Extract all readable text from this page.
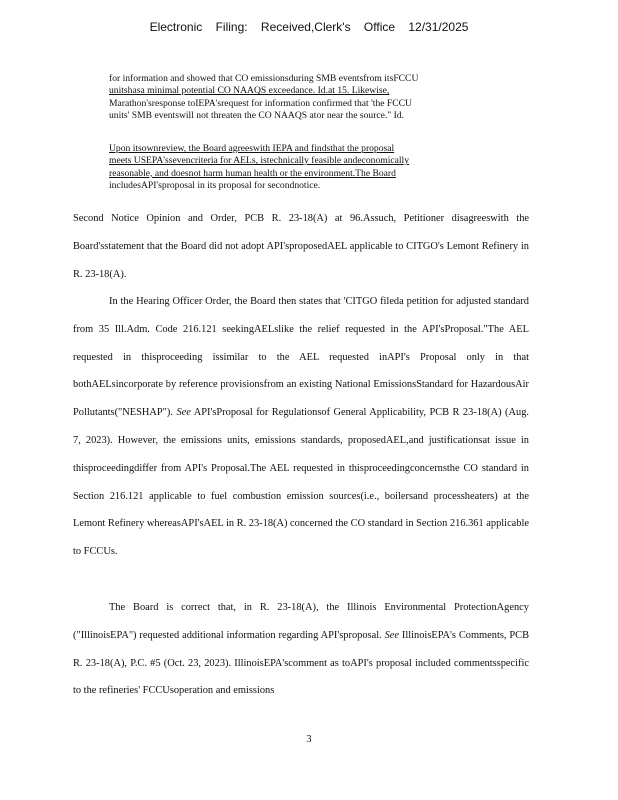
Electronic Filing: Received,Clerk's Office 12/31/2025
for information and showed that CO emissionsduring SMB eventsfrom itsFCCU
unitshasa minimal potential CO NAAQS exceedance. Id.at 15. Likewise,
Marathon'sresponse toIEPA'srequest for information confirmed that 'the FCCU
units' SMB eventswill not threaten the CO NAAQS ator near the source." Id.
Upon itsownreview, the Board agreeswith IEPA and findsthat the proposal
meets USEPA'ssevencriteria for AELs, istechnically feasible andeconomically
reasonable, and doesnot harm human health or the environment.The Board
includesAPI'sproposal in its proposal for secondnotice.
Second Notice Opinion and Order, PCB R. 23-18(A) at 96.Assuch, Petitioner disagreeswith the Board'sstatement that the Board did not adopt API'sproposedAEL applicable to CITGO's Lemont Refinery in R. 23-18(A).
In the Hearing Officer Order, the Board then states that 'CITGO fileda petition for adjusted standard from 35 Ill.Adm. Code 216.121 seekingAELslike the relief requested in the API'sProposal."The AEL requested in thisproceeding issimilar to the AEL requested inAPI's Proposal only in that bothAELsincorporate by reference provisionsfrom an existing National EmissionsStandard for HazardousAir Pollutants("NESHAP"). See API'sProposal for Regulationsof General Applicability, PCB R 23-18(A) (Aug. 7, 2023). However, the emissions units, emissions standards, proposedAEL,and justificationsat issue in thisproceedingdiffer from API's Proposal.The AEL requested in thisproceedingconcernsthe CO standard in Section 216.121 applicable to fuel combustion emission sources(i.e., boilersand processheaters) at the Lemont Refinery whereasAPI'sAEL in R. 23-18(A) concerned the CO standard in Section 216.361 applicable to FCCUs.
The Board is correct that, in R. 23-18(A), the Illinois Environmental ProtectionAgency ("IllinoisEPA") requested additional information regarding API'sproposal. See IllinoisEPA's Comments, PCB R. 23-18(A), P.C. #5 (Oct. 23, 2023). IllinoisEPA'scomment as toAPI's proposal included commentsspecific to the refineries' FCCUsoperation and emissions
3
